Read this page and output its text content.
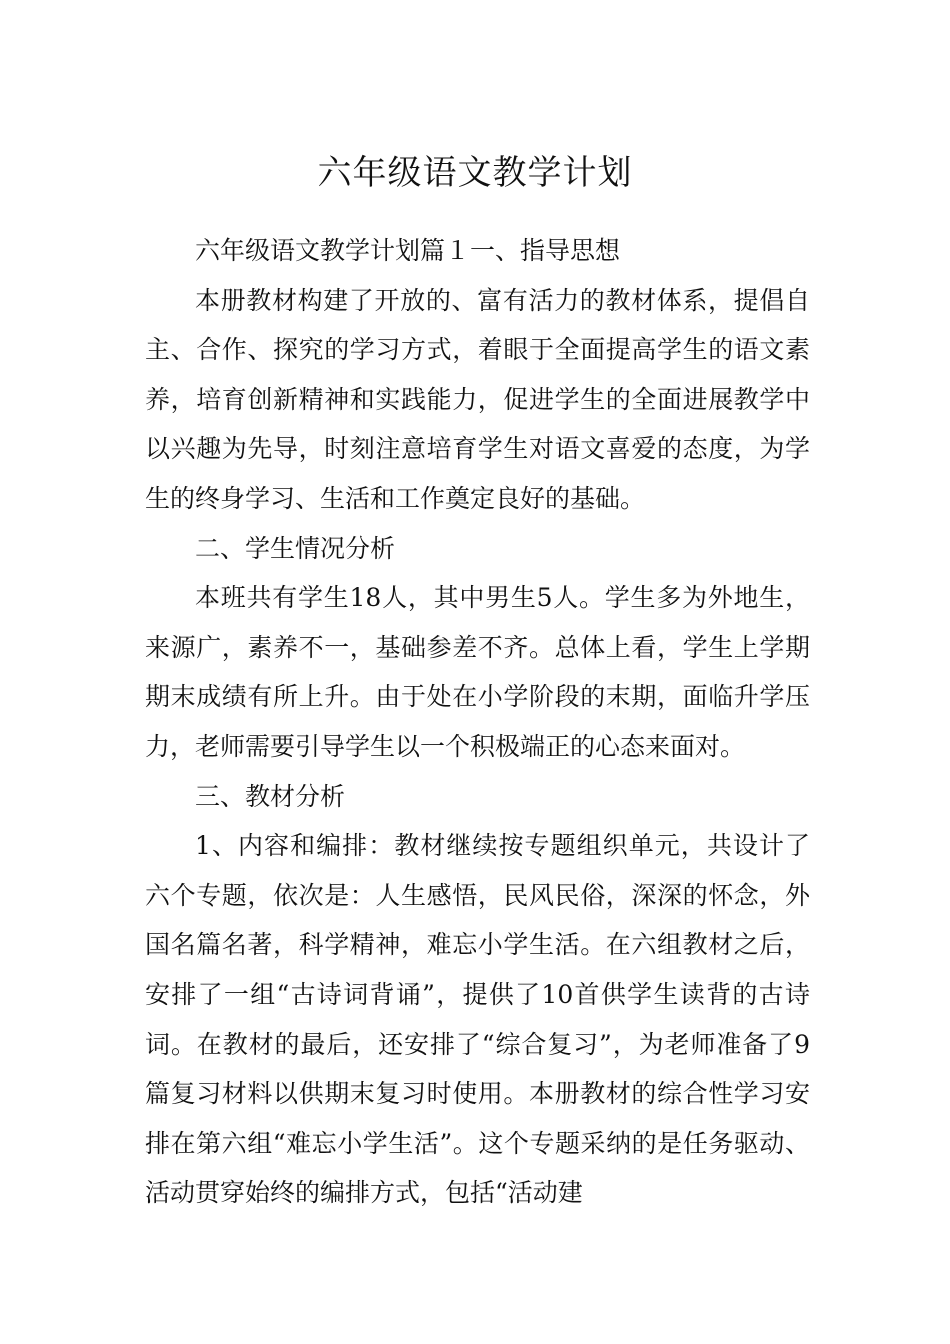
六年级语文教学计划

六年级语文教学计划篇１一、指导思想

本册教材构建了开放的、富有活力的教材体系，提倡自主、合作、探究的学习方式，着眼于全面提高学生的语文素养，培育创新精神和实践能力，促进学生的全面进展教学中以兴趣为先导，时刻注意培育学生对语文喜爱的态度，为学生的终身学习、生活和工作奠定良好的基础。

二、学生情况分析

本班共有学生18人，其中男生5人。学生多为外地生，来源广，素养不一，基础参差不齐。总体上看，学生上学期期末成绩有所上升。由于处在小学阶段的末期，面临升学压力，老师需要引导学生以一个积极端正的心态来面对。

三、教材分析

1、内容和编排：教材继续按专题组织单元，共设计了六个专题，依次是：人生感悟，民风民俗，深深的怀念，外国名篇名著，科学精神，难忘小学生活。在六组教材之后，安排了一组“古诗词背诵”，提供了10首供学生读背的古诗词。在教材的最后，还安排了“综合复习”，为老师准备了9篇复习材料以供期末复习时使用。本册教材的综合性学习安排在第六组“难忘小学生活”。这个专题采纳的是任务驱动、活动贯穿始终的编排方式，包括“活动建
